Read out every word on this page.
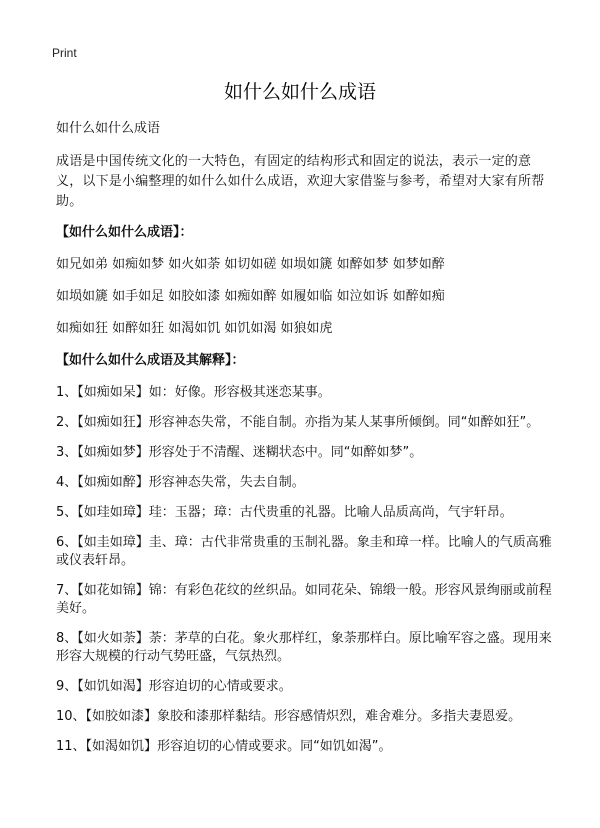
Print
如什么如什么成语

如什么如什么成语

成语是中国传统文化的一大特色，有固定的结构形式和固定的说法，表示一定的意义，以下是小编整理的如什么如什么成语，欢迎大家借鉴与参考，希望对大家有所帮助。

【如什么如什么成语】：

如兄如弟 如痴如梦 如火如荼 如切如磋 如埙如篪 如醉如梦 如梦如醉

如埙如篪 如手如足 如胶如漆 如痴如醉 如履如临 如泣如诉 如醉如痴

如痴如狂 如醉如狂 如渴如饥 如饥如渴 如狼如虎

【如什么如什么成语及其解释】：

1、【如痴如呆】如：好像。形容极其迷恋某事。

2、【如痴如狂】形容神态失常，不能自制。亦指为某人某事所倾倒。同“如醉如狂”。

3、【如痴如梦】形容处于不清醒、迷糊状态中。同“如醉如梦”。

4、【如痴如醉】形容神态失常，失去自制。

5、【如珪如璋】珪：玉器；璋：古代贵重的礼器。比喻人品质高尚，气宇轩昂。

6、【如圭如璋】圭、璋：古代非常贵重的玉制礼器。象圭和璋一样。比喻人的气质高雅或仪表轩昂。

7、【如花如锦】锦：有彩色花纹的丝织品。如同花朵、锦缎一般。形容风景绚丽或前程美好。

8、【如火如荼】荼：茅草的白花。象火那样红，象荼那样白。原比喻军容之盛。现用来形容大规模的行动气势旺盛，气氛热烈。

9、【如饥如渴】形容迫切的心情或要求。

10、【如胶如漆】象胶和漆那样黏结。形容感情炽烈，难舍难分。多指夫妻恩爱。

11、【如渴如饥】形容迫切的心情或要求。同“如饥如渴”。
